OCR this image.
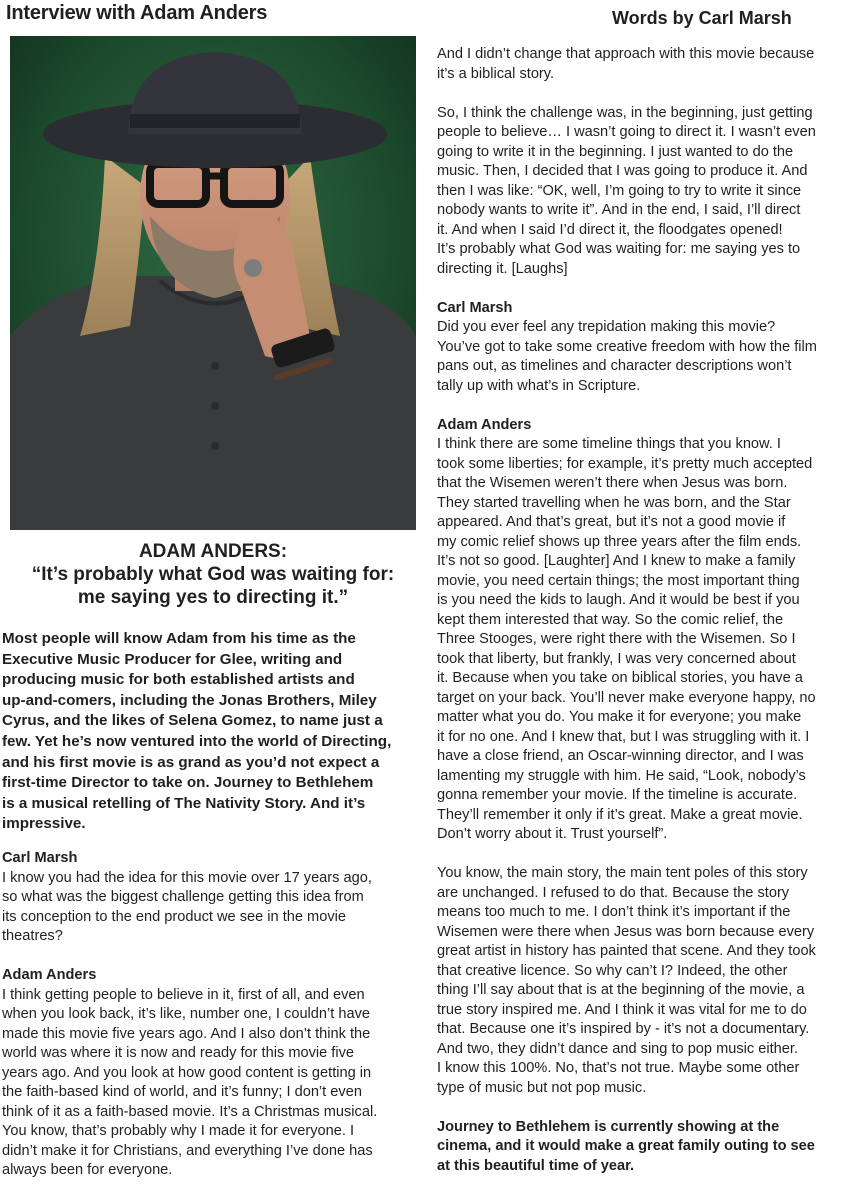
Interview with Adam Anders	Words by Carl Marsh
ADAM ANDERS:
“It’s probably what God was waiting for:
me saying yes to directing it.”
Most people will know Adam from his time as the
Executive Music Producer for Glee, writing and
producing music for both established artists and
up-and-comers, including the Jonas Brothers, Miley
Cyrus, and the likes of Selena Gomez, to name just a
few. Yet he’s now ventured into the world of Directing,
and his first movie is as grand as you’d not expect a
first-time Director to take on. Journey to Bethlehem
is a musical retelling of The Nativity Story. And it’s
impressive.
Carl Marsh
I know you had the idea for this movie over 17 years ago,
so what was the biggest challenge getting this idea from
its conception to the end product we see in the movie
theatres?
Adam Anders
I think getting people to believe in it, first of all, and even
when you look back, it’s like, number one, I couldn’t have
made this movie five years ago. And I also don’t think the
world was where it is now and ready for this movie five
years ago. And you look at how good content is getting in
the faith-based kind of world, and it’s funny; I don’t even
think of it as a faith-based movie. It’s a Christmas musical.
You know, that’s probably why I made it for everyone. I
didn’t make it for Christians, and everything I’ve done has
always been for everyone.
And I didn’t change that approach with this movie because
it’s a biblical story.
So, I think the challenge was, in the beginning, just getting
people to believe… I wasn’t going to direct it. I wasn’t even
going to write it in the beginning. I just wanted to do the
music. Then, I decided that I was going to produce it. And
then I was like: “OK, well, I’m going to try to write it since
nobody wants to write it”. And in the end, I said, I’ll direct
it. And when I said I’d direct it, the floodgates opened!
It’s probably what God was waiting for: me saying yes to
directing it. [Laughs]
Carl Marsh
Did you ever feel any trepidation making this movie?
You’ve got to take some creative freedom with how the film
pans out, as timelines and character descriptions won’t
tally up with what’s in Scripture.
Adam Anders
I think there are some timeline things that you know. I
took some liberties; for example, it’s pretty much accepted
that the Wisemen weren’t there when Jesus was born.
They started travelling when he was born, and the Star
appeared. And that’s great, but it’s not a good movie if
my comic relief shows up three years after the film ends.
It’s not so good. [Laughter] And I knew to make a family
movie, you need certain things; the most important thing
is you need the kids to laugh. And it would be best if you
kept them interested that way. So the comic relief, the
Three Stooges, were right there with the Wisemen. So I
took that liberty, but frankly, I was very concerned about
it. Because when you take on biblical stories, you have a
target on your back. You’ll never make everyone happy, no
matter what you do. You make it for everyone; you make
it for no one. And I knew that, but I was struggling with it. I
have a close friend, an Oscar-winning director, and I was
lamenting my struggle with him. He said, “Look, nobody’s
gonna remember your movie. If the timeline is accurate.
They’ll remember it only if it’s great. Make a great movie.
Don’t worry about it. Trust yourself”.
You know, the main story, the main tent poles of this story
are unchanged. I refused to do that. Because the story
means too much to me. I don’t think it’s important if the
Wisemen were there when Jesus was born because every
great artist in history has painted that scene. And they took
that creative licence. So why can’t I? Indeed, the other
thing I’ll say about that is at the beginning of the movie, a
true story inspired me. And I think it was vital for me to do
that. Because one it’s inspired by - it’s not a documentary.
And two, they didn’t dance and sing to pop music either.
I know this 100%. No, that’s not true. Maybe some other
type of music but not pop music.
Journey to Bethlehem is currently showing at the
cinema, and it would make a great family outing to see
at this beautiful time of year.
